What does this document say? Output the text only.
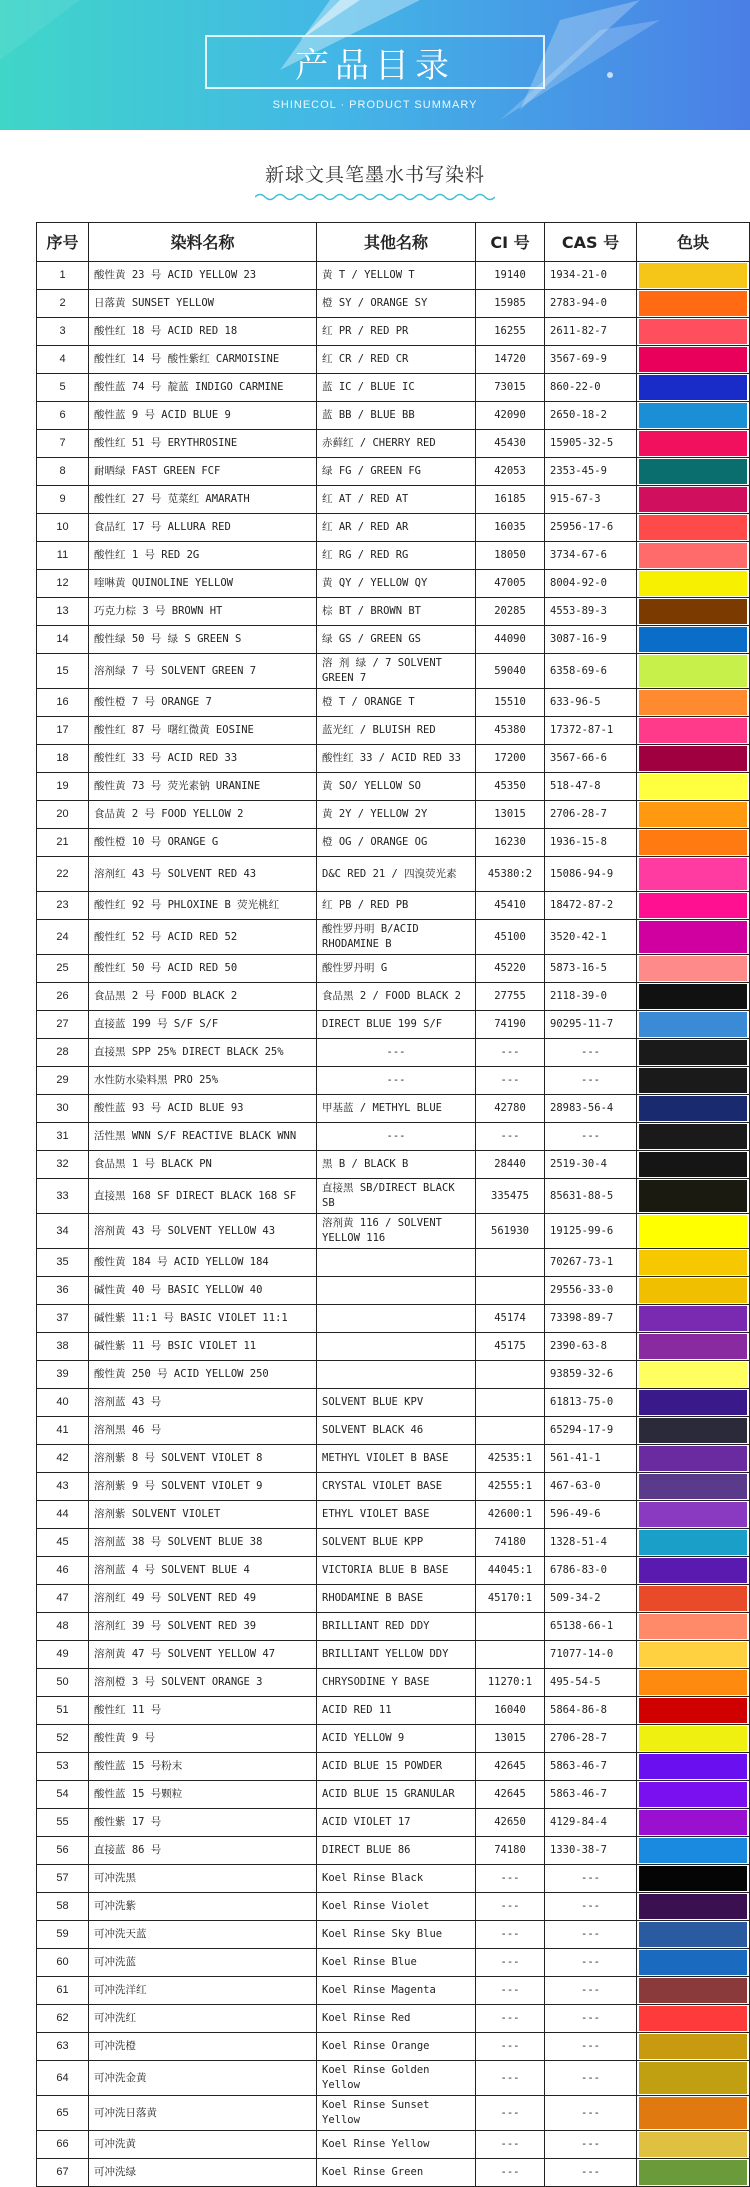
产品目录
SHINECOL · PRODUCT SUMMARY
新球文具笔墨水书写染料
序号	染料名称	其他名称	CI 号	CAS 号	色块
1	酸性黄 23 号 ACID YELLOW 23	黄 T / YELLOW T	19140	1934-21-0	

2	日落黄 SUNSET YELLOW	橙 SY / ORANGE SY	15985	2783-94-0	

3	酸性红 18 号 ACID RED 18	红 PR / RED PR	16255	2611-82-7	

4	酸性红 14 号 酸性紫红 CARMOISINE	红 CR / RED CR	14720	3567-69-9	

5	酸性蓝 74 号 靛蓝 INDIGO CARMINE	蓝 IC / BLUE IC	73015	860-22-0	

6	酸性蓝 9 号 ACID BLUE 9	蓝 BB / BLUE BB	42090	2650-18-2	

7	酸性红 51 号 ERYTHROSINE	赤藓红 / CHERRY RED	45430	15905-32-5	

8	耐晒绿 FAST GREEN FCF	绿 FG / GREEN FG	42053	2353-45-9	

9	酸性红 27 号 苋菜红 AMARATH	红 AT / RED AT	16185	915-67-3	

10	食品红 17 号 ALLURA RED	红 AR / RED AR	16035	25956-17-6	

11	酸性红 1 号 RED 2G	红 RG / RED RG	18050	3734-67-6	

12	喹啉黄 QUINOLINE YELLOW	黄 QY / YELLOW QY	47005	8004-92-0	

13	巧克力棕 3 号 BROWN HT	棕 BT / BROWN BT	20285	4553-89-3	

14	酸性绿 50 号 绿 S GREEN S	绿 GS / GREEN GS	44090	3087-16-9	

15	溶剂绿 7 号 SOLVENT GREEN 7	溶 剂 绿 / 7 SOLVENT GREEN 7	59040	6358-69-6	

16	酸性橙 7 号 ORANGE 7	橙 T / ORANGE T	15510	633-96-5	

17	酸性红 87 号 曙红微黄 EOSINE	蓝光红 / BLUISH RED	45380	17372-87-1	

18	酸性红 33 号 ACID RED 33	酸性红 33 / ACID RED 33	17200	3567-66-6	

19	酸性黄 73 号 荧光素钠 URANINE	黄 SO/ YELLOW SO	45350	518-47-8	

20	食品黄 2 号 FOOD YELLOW 2	黄 2Y / YELLOW 2Y	13015	2706-28-7	

21	酸性橙 10 号 ORANGE G	橙 OG / ORANGE OG	16230	1936-15-8	

22	溶剂红 43 号 SOLVENT RED 43	D&C RED 21 / 四溴荧光素	45380:2	15086-94-9	

23	酸性红 92 号 PHLOXINE B 荧光桃红	红 PB / RED PB	45410	18472-87-2	

24	酸性红 52 号 ACID RED 52	酸性罗丹明 B/ACID RHODAMINE B	45100	3520-42-1	

25	酸性红 50 号 ACID RED 50	酸性罗丹明 G	45220	5873-16-5	

26	食品黑 2 号 FOOD BLACK 2	食品黑 2 / FOOD BLACK 2	27755	2118-39-0	

27	直接蓝 199 号 S/F S/F	DIRECT BLUE 199 S/F	74190	90295-11-7	

28	直接黑 SPP 25% DIRECT BLACK 25%	---	---	---	

29	水性防水染料黑 PRO 25%	---	---	---	

30	酸性蓝 93 号 ACID BLUE 93	甲基蓝 / METHYL BLUE	42780	28983-56-4	

31	活性黑 WNN S/F REACTIVE BLACK WNN	---	---	---	

32	食品黑 1 号 BLACK PN	黑 B / BLACK B	28440	2519-30-4	

33	直接黑 168 SF DIRECT BLACK 168 SF	直接黑 SB/DIRECT BLACK SB	335475	85631-88-5	

34	溶剂黄 43 号 SOLVENT YELLOW 43	溶剂黄 116 / SOLVENT YELLOW 116	561930	19125-99-6	

35	酸性黄 184 号 ACID YELLOW 184			70267-73-1	

36	碱性黄 40 号 BASIC YELLOW 40			29556-33-0	

37	碱性紫 11:1 号 BASIC VIOLET 11:1		45174	73398-89-7	

38	碱性紫 11 号 BSIC VIOLET 11		45175	2390-63-8	

39	酸性黄 250 号 ACID YELLOW 250			93859-32-6	

40	溶剂蓝 43 号	SOLVENT BLUE KPV		61813-75-0	

41	溶剂黑 46 号	SOLVENT BLACK 46		65294-17-9	

42	溶剂紫 8 号 SOLVENT VIOLET 8	METHYL VIOLET B BASE	42535:1	561-41-1	

43	溶剂紫 9 号 SOLVENT VIOLET 9	CRYSTAL VIOLET BASE	42555:1	467-63-0	

44	溶剂紫 SOLVENT VIOLET	ETHYL VIOLET BASE	42600:1	596-49-6	

45	溶剂蓝 38 号 SOLVENT BLUE 38	SOLVENT BLUE KPP	74180	1328-51-4	

46	溶剂蓝 4 号 SOLVENT BLUE 4	VICTORIA BLUE B BASE	44045:1	6786-83-0	

47	溶剂红 49 号 SOLVENT RED 49	RHODAMINE B BASE	45170:1	509-34-2	

48	溶剂红 39 号 SOLVENT RED 39	BRILLIANT RED DDY		65138-66-1	

49	溶剂黄 47 号 SOLVENT YELLOW 47	BRILLIANT YELLOW DDY		71077-14-0	

50	溶剂橙 3 号 SOLVENT ORANGE 3	CHRYSODINE Y BASE	11270:1	495-54-5	

51	酸性红 11 号	ACID RED 11	16040	5864-86-8	

52	酸性黄 9 号	ACID YELLOW 9	13015	2706-28-7	

53	酸性蓝 15 号粉末	ACID BLUE 15 POWDER	42645	5863-46-7	

54	酸性蓝 15 号颗粒	ACID BLUE 15 GRANULAR	42645	5863-46-7	

55	酸性紫 17 号	ACID VIOLET 17	42650	4129-84-4	

56	直接蓝 86 号	DIRECT BLUE 86	74180	1330-38-7	

57	可冲洗黑	Koel Rinse Black	---	---	

58	可冲洗紫	Koel Rinse Violet	---	---	

59	可冲洗天蓝	Koel Rinse Sky Blue	---	---	

60	可冲洗蓝	Koel Rinse Blue	---	---	

61	可冲洗洋红	Koel Rinse Magenta	---	---	

62	可冲洗红	Koel Rinse Red	---	---	

63	可冲洗橙	Koel Rinse Orange	---	---	

64	可冲洗金黄	Koel Rinse Golden Yellow	---	---	

65	可冲洗日落黄	Koel Rinse Sunset Yellow	---	---	

66	可冲洗黄	Koel Rinse Yellow	---	---	

67	可冲洗绿	Koel Rinse Green	---	---	
